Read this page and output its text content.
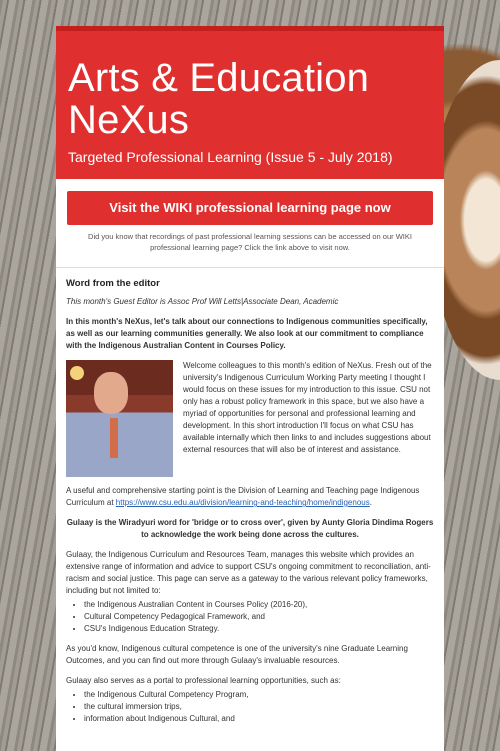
Arts & Education NeXus
Targeted Professional Learning (Issue 5 - July 2018)
Visit the WIKI professional learning page now
Did you know that recordings of past professional learning sessions can be accessed on our WIKI professional learning page? Click the link above to visit now.
Word from the editor

This month's Guest Editor is Assoc Prof Will Letts|Associate Dean, Academic

In this month's NeXus, let's talk about our connections to Indigenous communities specifically, as well as our learning communities generally. We also look at our commitment to compliance with the Indigenous Australian Content in Courses Policy.

Welcome colleagues to this month's edition of NeXus. Fresh out of the university's Indigenous Curriculum Working Party meeting I thought I would focus on these issues for my introduction to this issue. CSU not only has a robust policy framework in this space, but we also have a myriad of opportunities for personal and professional learning and development. In this short introduction I'll focus on what CSU has available internally which then links to and includes suggestions about external resources that will also be of interest and assistance.

A useful and comprehensive starting point is the Division of Learning and Teaching page Indigenous Curriculum at https://www.csu.edu.au/division/learning-and-teaching/home/indigenous.

Gulaay is the Wiradyuri word for 'bridge or to cross over', given by Aunty Gloria Dindima Rogers to acknowledge the work being done across the cultures.

Gulaay, the Indigenous Curriculum and Resources Team, manages this website which provides an extensive range of information and advice to support CSU's ongoing commitment to reconciliation, anti-racism and social justice. This page can serve as a gateway to the various relevant policy frameworks, including but not limited to:

• the Indigenous Australian Content in Courses Policy (2016-20),
• Cultural Competency Pedagogical Framework, and
• CSU's Indigenous Education Strategy.

As you'd know, Indigenous cultural competence is one of the university's nine Graduate Learning Outcomes, and you can find out more through Gulaay's invaluable resources.

Gulaay also serves as a portal to professional learning opportunities, such as:

• the Indigenous Cultural Competency Program,
• the cultural immersion trips,
• information about Indigenous Cultural, and
